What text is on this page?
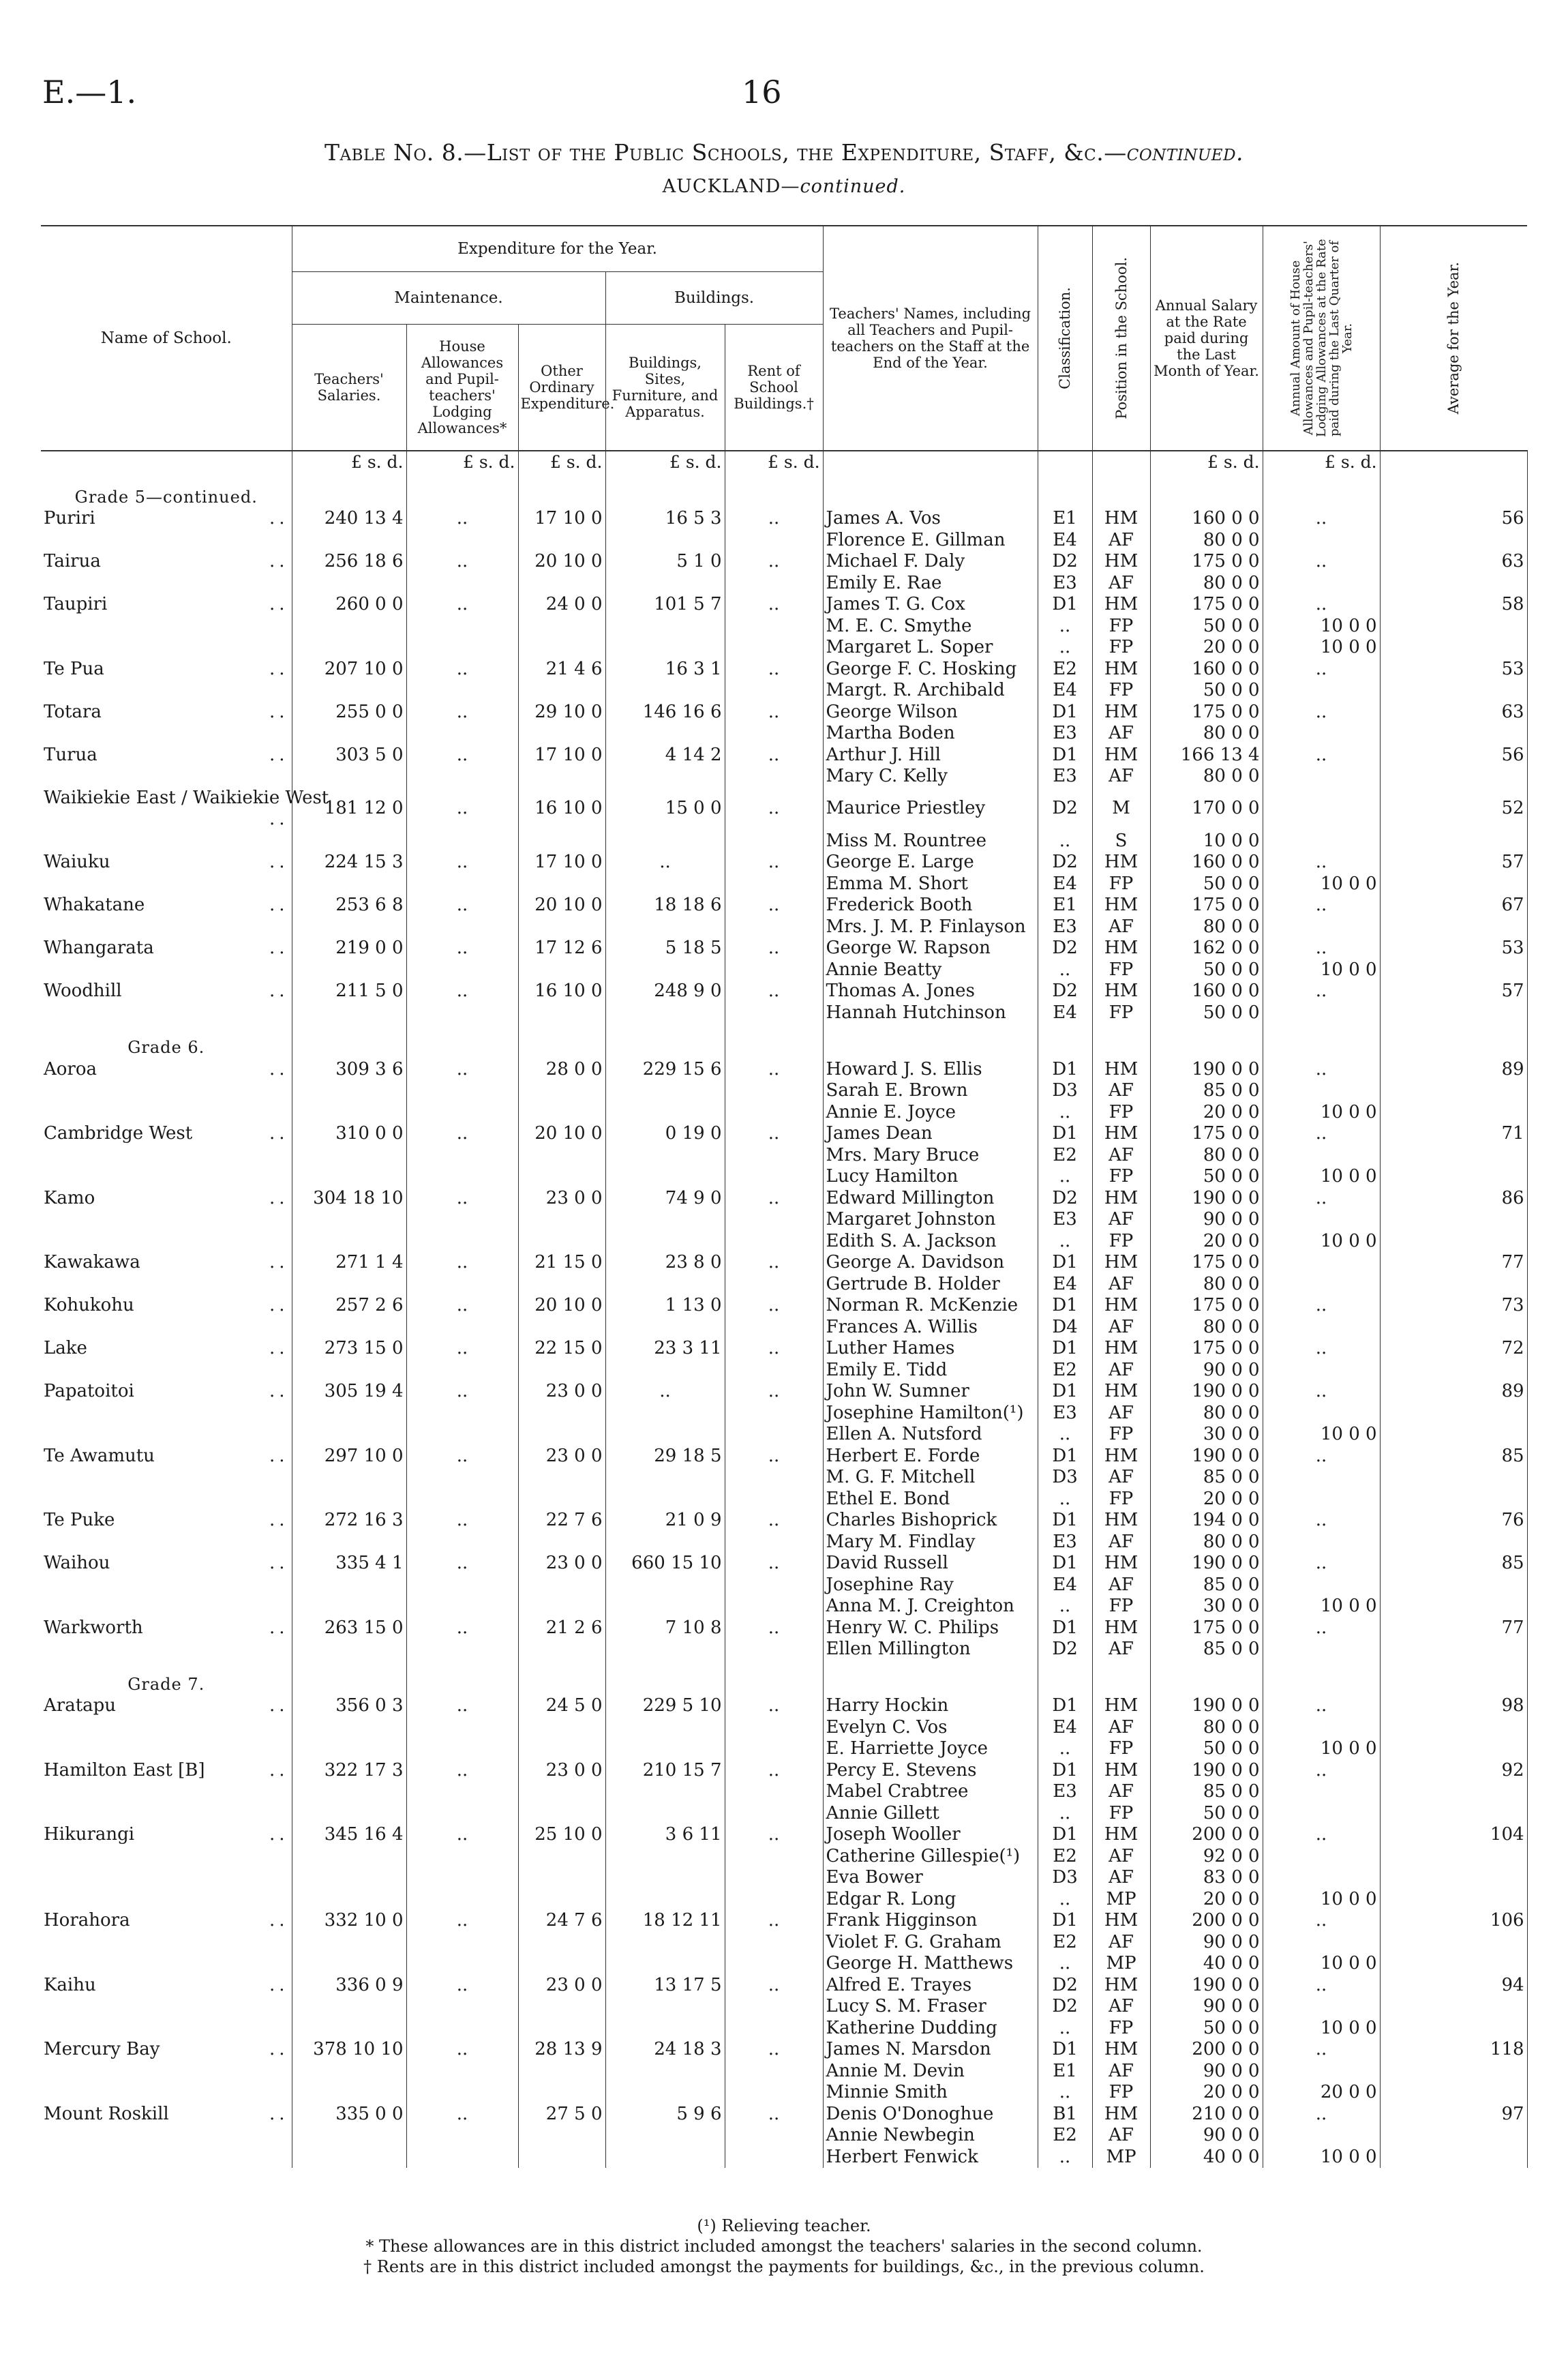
E.—1.	16
Table No. 8.—List of the Public Schools, the Expenditure, Staff, &c.—continued.
AUCKLAND—continued.
Name of School.	Expenditure for the Year.					Teachers' Names, including all Teachers and Pupil-teachers on the Staff at the End of the Year.	Classification.	Position in the School.	Annual Salary at the Rate paid during the Last Month of Year.	Annual Amount of House Allowances and Pupil-teachers' Lodging Allowances at the Rate paid during the Last Quarter of Year.	Average for the Year.

	Maintenance.			Buildings.							
	Teachers' Salaries.	House Allowances and Pupil-teachers' Lodging Allowances*	Other Ordinary Expenditure.	Buildings, Sites, Furniture, and Apparatus.	Rent of School Buildings.†						
	£ s. d.	£ s. d.	£ s. d.	£ s. d.	£ s. d.				£ s. d.	£ s. d.	
Grade 5—continued.											
Puriri ..	240 13 4	..	17 10 0	16 5 3	..	James A. Vos	E1	HM	160 0 0	..	56
						Florence E. Gillman	E4	AF	80 0 0		
Tairua ..	256 18 6	..	20 10 0	5 1 0	..	Michael F. Daly	D2	HM	175 0 0	..	63
						Emily E. Rae	E3	AF	80 0 0		
Taupiri ..	260 0 0	..	24 0 0	101 5 7	..	James T. G. Cox	D1	HM	175 0 0	..	58
						M. E. C. Smythe	..	FP	50 0 0	10 0 0	
						Margaret L. Soper	..	FP	20 0 0	10 0 0	
Te Pua ..	207 10 0	..	21 4 6	16 3 1	..	George F. C. Hosking	E2	HM	160 0 0	..	53
						Margt. R. Archibald	E4	FP	50 0 0		
Totara ..	255 0 0	..	29 10 0	146 16 6	..	George Wilson	D1	HM	175 0 0	..	63
						Martha Boden	E3	AF	80 0 0		
Turua ..	303 5 0	..	17 10 0	4 14 2	..	Arthur J. Hill	D1	HM	166 13 4	..	56
						Mary C. Kelly	E3	AF	80 0 0		
Waikiekie East / Waikiekie West
..	181 12 0	..	16 10 0	15 0 0	..	Maurice Priestley	D2	M	170 0 0		52
						Miss M. Rountree	..	S	10 0 0		
Waiuku ..	224 15 3	..	17 10 0	..	..	George E. Large	D2	HM	160 0 0	..	57
						Emma M. Short	E4	FP	50 0 0	10 0 0	
Whakatane ..	253 6 8	..	20 10 0	18 18 6	..	Frederick Booth	E1	HM	175 0 0	..	67
						Mrs. J. M. P. Finlayson	E3	AF	80 0 0		
Whangarata ..	219 0 0	..	17 12 6	5 18 5	..	George W. Rapson	D2	HM	162 0 0	..	53
						Annie Beatty	..	FP	50 0 0	10 0 0	
Woodhill ..	211 5 0	..	16 10 0	248 9 0	..	Thomas A. Jones	D2	HM	160 0 0	..	57
						Hannah Hutchinson	E4	FP	50 0 0		
Grade 6.											
Aoroa ..	309 3 6	..	28 0 0	229 15 6	..	Howard J. S. Ellis	D1	HM	190 0 0	..	89
						Sarah E. Brown	D3	AF	85 0 0		
						Annie E. Joyce	..	FP	20 0 0	10 0 0	
Cambridge West ..	310 0 0	..	20 10 0	0 19 0	..	James Dean	D1	HM	175 0 0	..	71
						Mrs. Mary Bruce	E2	AF	80 0 0		
						Lucy Hamilton	..	FP	50 0 0	10 0 0	
Kamo ..	304 18 10	..	23 0 0	74 9 0	..	Edward Millington	D2	HM	190 0 0	..	86
						Margaret Johnston	E3	AF	90 0 0		
						Edith S. A. Jackson	..	FP	20 0 0	10 0 0	
Kawakawa ..	271 1 4	..	21 15 0	23 8 0	..	George A. Davidson	D1	HM	175 0 0		77
						Gertrude B. Holder	E4	AF	80 0 0		
Kohukohu ..	257 2 6	..	20 10 0	1 13 0	..	Norman R. McKenzie	D1	HM	175 0 0	..	73
						Frances A. Willis	D4	AF	80 0 0		
Lake ..	273 15 0	..	22 15 0	23 3 11	..	Luther Hames	D1	HM	175 0 0	..	72
						Emily E. Tidd	E2	AF	90 0 0		
Papatoitoi ..	305 19 4	..	23 0 0	..	..	John W. Sumner	D1	HM	190 0 0	..	89
						Josephine Hamilton(¹)	E3	AF	80 0 0		
						Ellen A. Nutsford	..	FP	30 0 0	10 0 0	
Te Awamutu ..	297 10 0	..	23 0 0	29 18 5	..	Herbert E. Forde	D1	HM	190 0 0	..	85
						M. G. F. Mitchell	D3	AF	85 0 0		
						Ethel E. Bond	..	FP	20 0 0		
Te Puke ..	272 16 3	..	22 7 6	21 0 9	..	Charles Bishoprick	D1	HM	194 0 0	..	76
						Mary M. Findlay	E3	AF	80 0 0		
Waihou ..	335 4 1	..	23 0 0	660 15 10	..	David Russell	D1	HM	190 0 0	..	85
						Josephine Ray	E4	AF	85 0 0		
						Anna M. J. Creighton	..	FP	30 0 0	10 0 0	
Warkworth ..	263 15 0	..	21 2 6	7 10 8	..	Henry W. C. Philips	D1	HM	175 0 0	..	77
						Ellen Millington	D2	AF	85 0 0		
Grade 7.											
Aratapu ..	356 0 3	..	24 5 0	229 5 10	..	Harry Hockin	D1	HM	190 0 0	..	98
						Evelyn C. Vos	E4	AF	80 0 0		
						E. Harriette Joyce	..	FP	50 0 0	10 0 0	
Hamilton East [B] ..	322 17 3	..	23 0 0	210 15 7	..	Percy E. Stevens	D1	HM	190 0 0	..	92
						Mabel Crabtree	E3	AF	85 0 0		
						Annie Gillett	..	FP	50 0 0		
Hikurangi ..	345 16 4	..	25 10 0	3 6 11	..	Joseph Wooller	D1	HM	200 0 0	..	104
						Catherine Gillespie(¹)	E2	AF	92 0 0		
						Eva Bower	D3	AF	83 0 0		
						Edgar R. Long	..	MP	20 0 0	10 0 0	
Horahora ..	332 10 0	..	24 7 6	18 12 11	..	Frank Higginson	D1	HM	200 0 0	..	106
						Violet F. G. Graham	E2	AF	90 0 0		
						George H. Matthews	..	MP	40 0 0	10 0 0	
Kaihu ..	336 0 9	..	23 0 0	13 17 5	..	Alfred E. Trayes	D2	HM	190 0 0	..	94
						Lucy S. M. Fraser	D2	AF	90 0 0		
						Katherine Dudding	..	FP	50 0 0	10 0 0	
Mercury Bay ..	378 10 10	..	28 13 9	24 18 3	..	James N. Marsdon	D1	HM	200 0 0	..	118
						Annie M. Devin	E1	AF	90 0 0		
						Minnie Smith	..	FP	20 0 0	20 0 0	
Mount Roskill ..	335 0 0	..	27 5 0	5 9 6	..	Denis O'Donoghue	B1	HM	210 0 0	..	97
						Annie Newbegin	E2	AF	90 0 0		
						Herbert Fenwick	..	MP	40 0 0	10 0 0	
(¹) Relieving teacher.
* These allowances are in this district included amongst the teachers' salaries in the second column.
† Rents are in this district included amongst the payments for buildings, &c., in the previous column.
